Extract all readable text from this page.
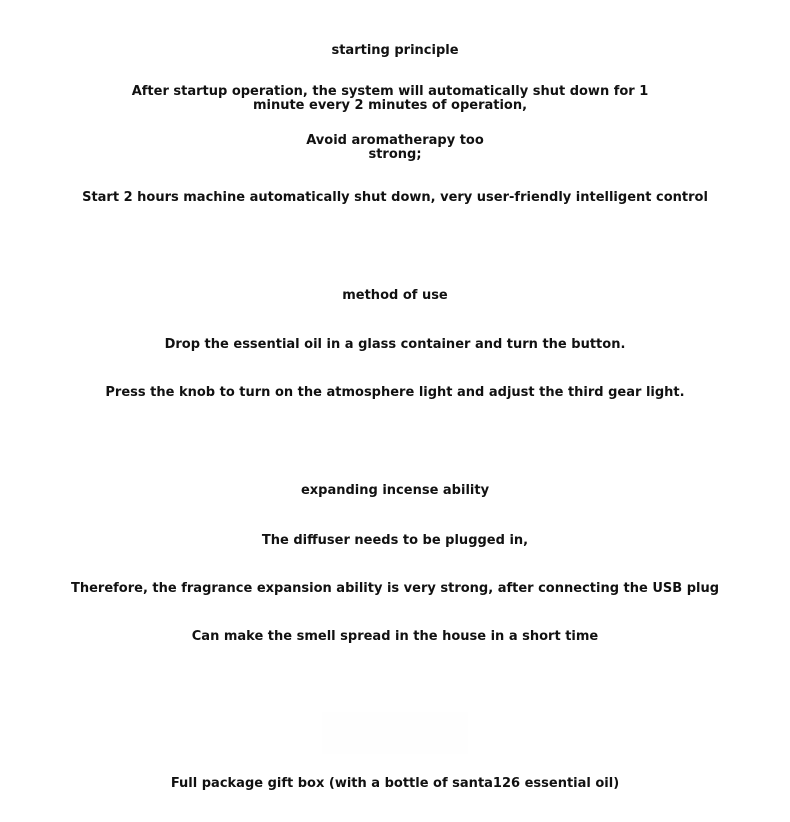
starting principle
After startup operation, the system will automatically shut down for 1 minute every 2 minutes of operation,
Avoid aromatherapy too strong;
Start 2 hours machine automatically shut down, very user-friendly intelligent control
method of use
Drop the essential oil in a glass container and turn the button.
Press the knob to turn on the atmosphere light and adjust the third gear light.
expanding incense ability
The diffuser needs to be plugged in,
Therefore, the fragrance expansion ability is very strong, after connecting the USB plug
Can make the smell spread in the house in a short time
Full package gift box (with a bottle of santa126 essential oil)
